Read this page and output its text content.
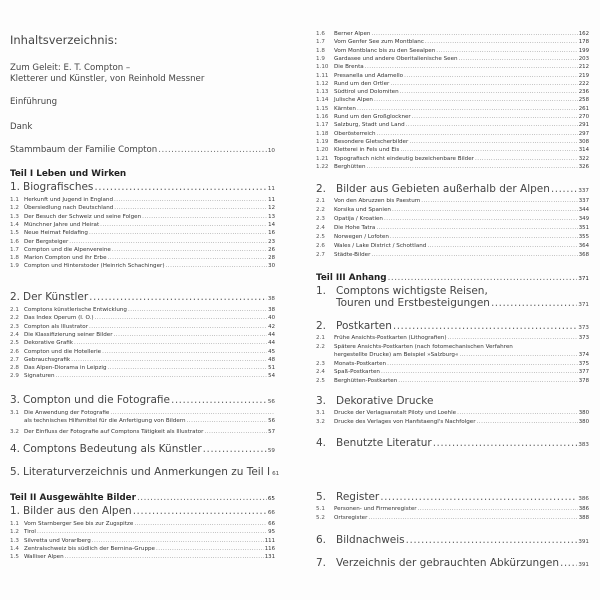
Inhaltsverzeichnis:
Zum Geleit: E. T. Compton –
Kletterer und Künstler, von Reinhold Messner
Einführung
Dank
Stammbaum der Familie Compton .....	10
Teil I Leben und Wirken
1. Biografisches .....	11
1.1 Herkunft und Jugend in England .....	11
1.2 Übersiedlung nach Deutschland .....	12
1.3 Der Besuch der Schweiz und seine Folgen .....	13
1.4 Münchner Jahre und Heirat .....	14
1.5 Neue Heimat Feldafing .....	16
1.6 Der Bergsteiger .....	23
1.7 Compton und die Alpenvereine .....	26
1.8 Marion Compton und ihr Erbe .....	28
1.9 Compton und Hinterstoder (Heinrich Schachinger) .....	30
2. Der Künstler .....	38
2.1 Comptons künstlerische Entwicklung .....	38
2.2 Das Index Operum (I. O.) .....	40
2.3 Compton als Illustrator .....	42
2.4 Die Klassifizierung seiner Bilder .....	44
2.5 Dekorative Grafik .....	44
2.6 Compton und die Hotellerie .....	45
2.7 Gebrauchsgrafik .....	48
2.8 Das Alpen-Diorama in Leipzig .....	51
2.9 Signaturen .....	54
3. Compton und die Fotografie .....	56
3.1 Die Anwendung der Fotografie
.....
als technisches Hilfsmittel für die Anfertigung von Bildern .....	56
3.2 Der Einfluss der Fotografie auf Comptons Tätigkeit als Illustrator .....	57
4. Comptons Bedeutung als Künstler .....	59
5. Literaturverzeichnis und Anmerkungen zu Teil I 61
Teil II Ausgewählte Bilder .....	65
1. Bilder aus den Alpen .....	66
1.1 Vom Starnberger See bis zur Zugspitze .....	66
1.2 Tirol .....	95
1.3 Silvretta und Vorarlberg .....	111
1.4 Zentralschweiz bis südlich der Bernina-Gruppe .....	116
1.5 Walliser Alpen .....	131
1.6	Berner Alpen .....	162
1.7	Vom Genfer See zum Montblanc .....	178
1.8	Vom Montblanc bis zu den Seealpen .....	199
1.9	Gardasee und andere Oberitalienische Seen .....	203
1.10 Die Brenta .....	212
1.11 Presanella und Adamello .....	219
1.12 Rund um den Ortler .....	222
1.13 Südtirol und Dolomiten .....	236
1.14 Julische Alpen .....	258
1.15 Kärnten .....	261
1.16 Rund um den Großglockner .....	270
1.17 Salzburg, Stadt und Land .....	291
1.18 Oberösterreich .....	297
1.19 Besondere Gletscherbilder .....	308
1.20 Kletterei in Fels und Eis .....	314
1.21 Topografisch nicht eindeutig bezeichenbare Bilder .....	322
1.22 Berghütten .....	326
2. Bilder aus Gebieten außerhalb der Alpen .....	337
2.1	Von den Abruzzen bis Paestum .....	337
2.2	Korsika und Spanien .....	344
2.3	Opatija / Kroatien .....	349
2.4	Die Hohe Tatra .....	351
2.5	Norwegen / Lofoten .....	355
2.6	Wales / Lake District / Schottland .....	364
2.7	Städte-Bilder .....	368
Teil III Anhang .....	371
1. Comptons wichtigste Reisen,
Touren und Erstbesteigungen .....	371
2. Postkarten .....	373
2.1	Frühe Ansichts-Postkarten (Lithografien) .....	373
2.2	Spätere Ansichts-Postkarten (nach fotomechanischen Verfahren
hergestellte Drucke) am Beispiel »Salzburg« .....	374
2.3	Monats-Postkarten .....	375
2.4	Spaß-Postkarten .....	377
2.5	Berghütten-Postkarten .....	378
3. Dekorative Drucke
3.1	Drucke der Verlagsanstalt Piloty und Loehle .....	380
3.2	Drucke des Verlages von Hanfstaengl's Nachfolger .....	380
4. Benutzte Literatur .....	383
5. Register .....	386
5.1	Personen- und Firmenregister .....	386
5.2	Ortsregister .....	388
6. Bildnachweis .....	391
7. Verzeichnis der gebrauchten Abkürzungen .....	391
